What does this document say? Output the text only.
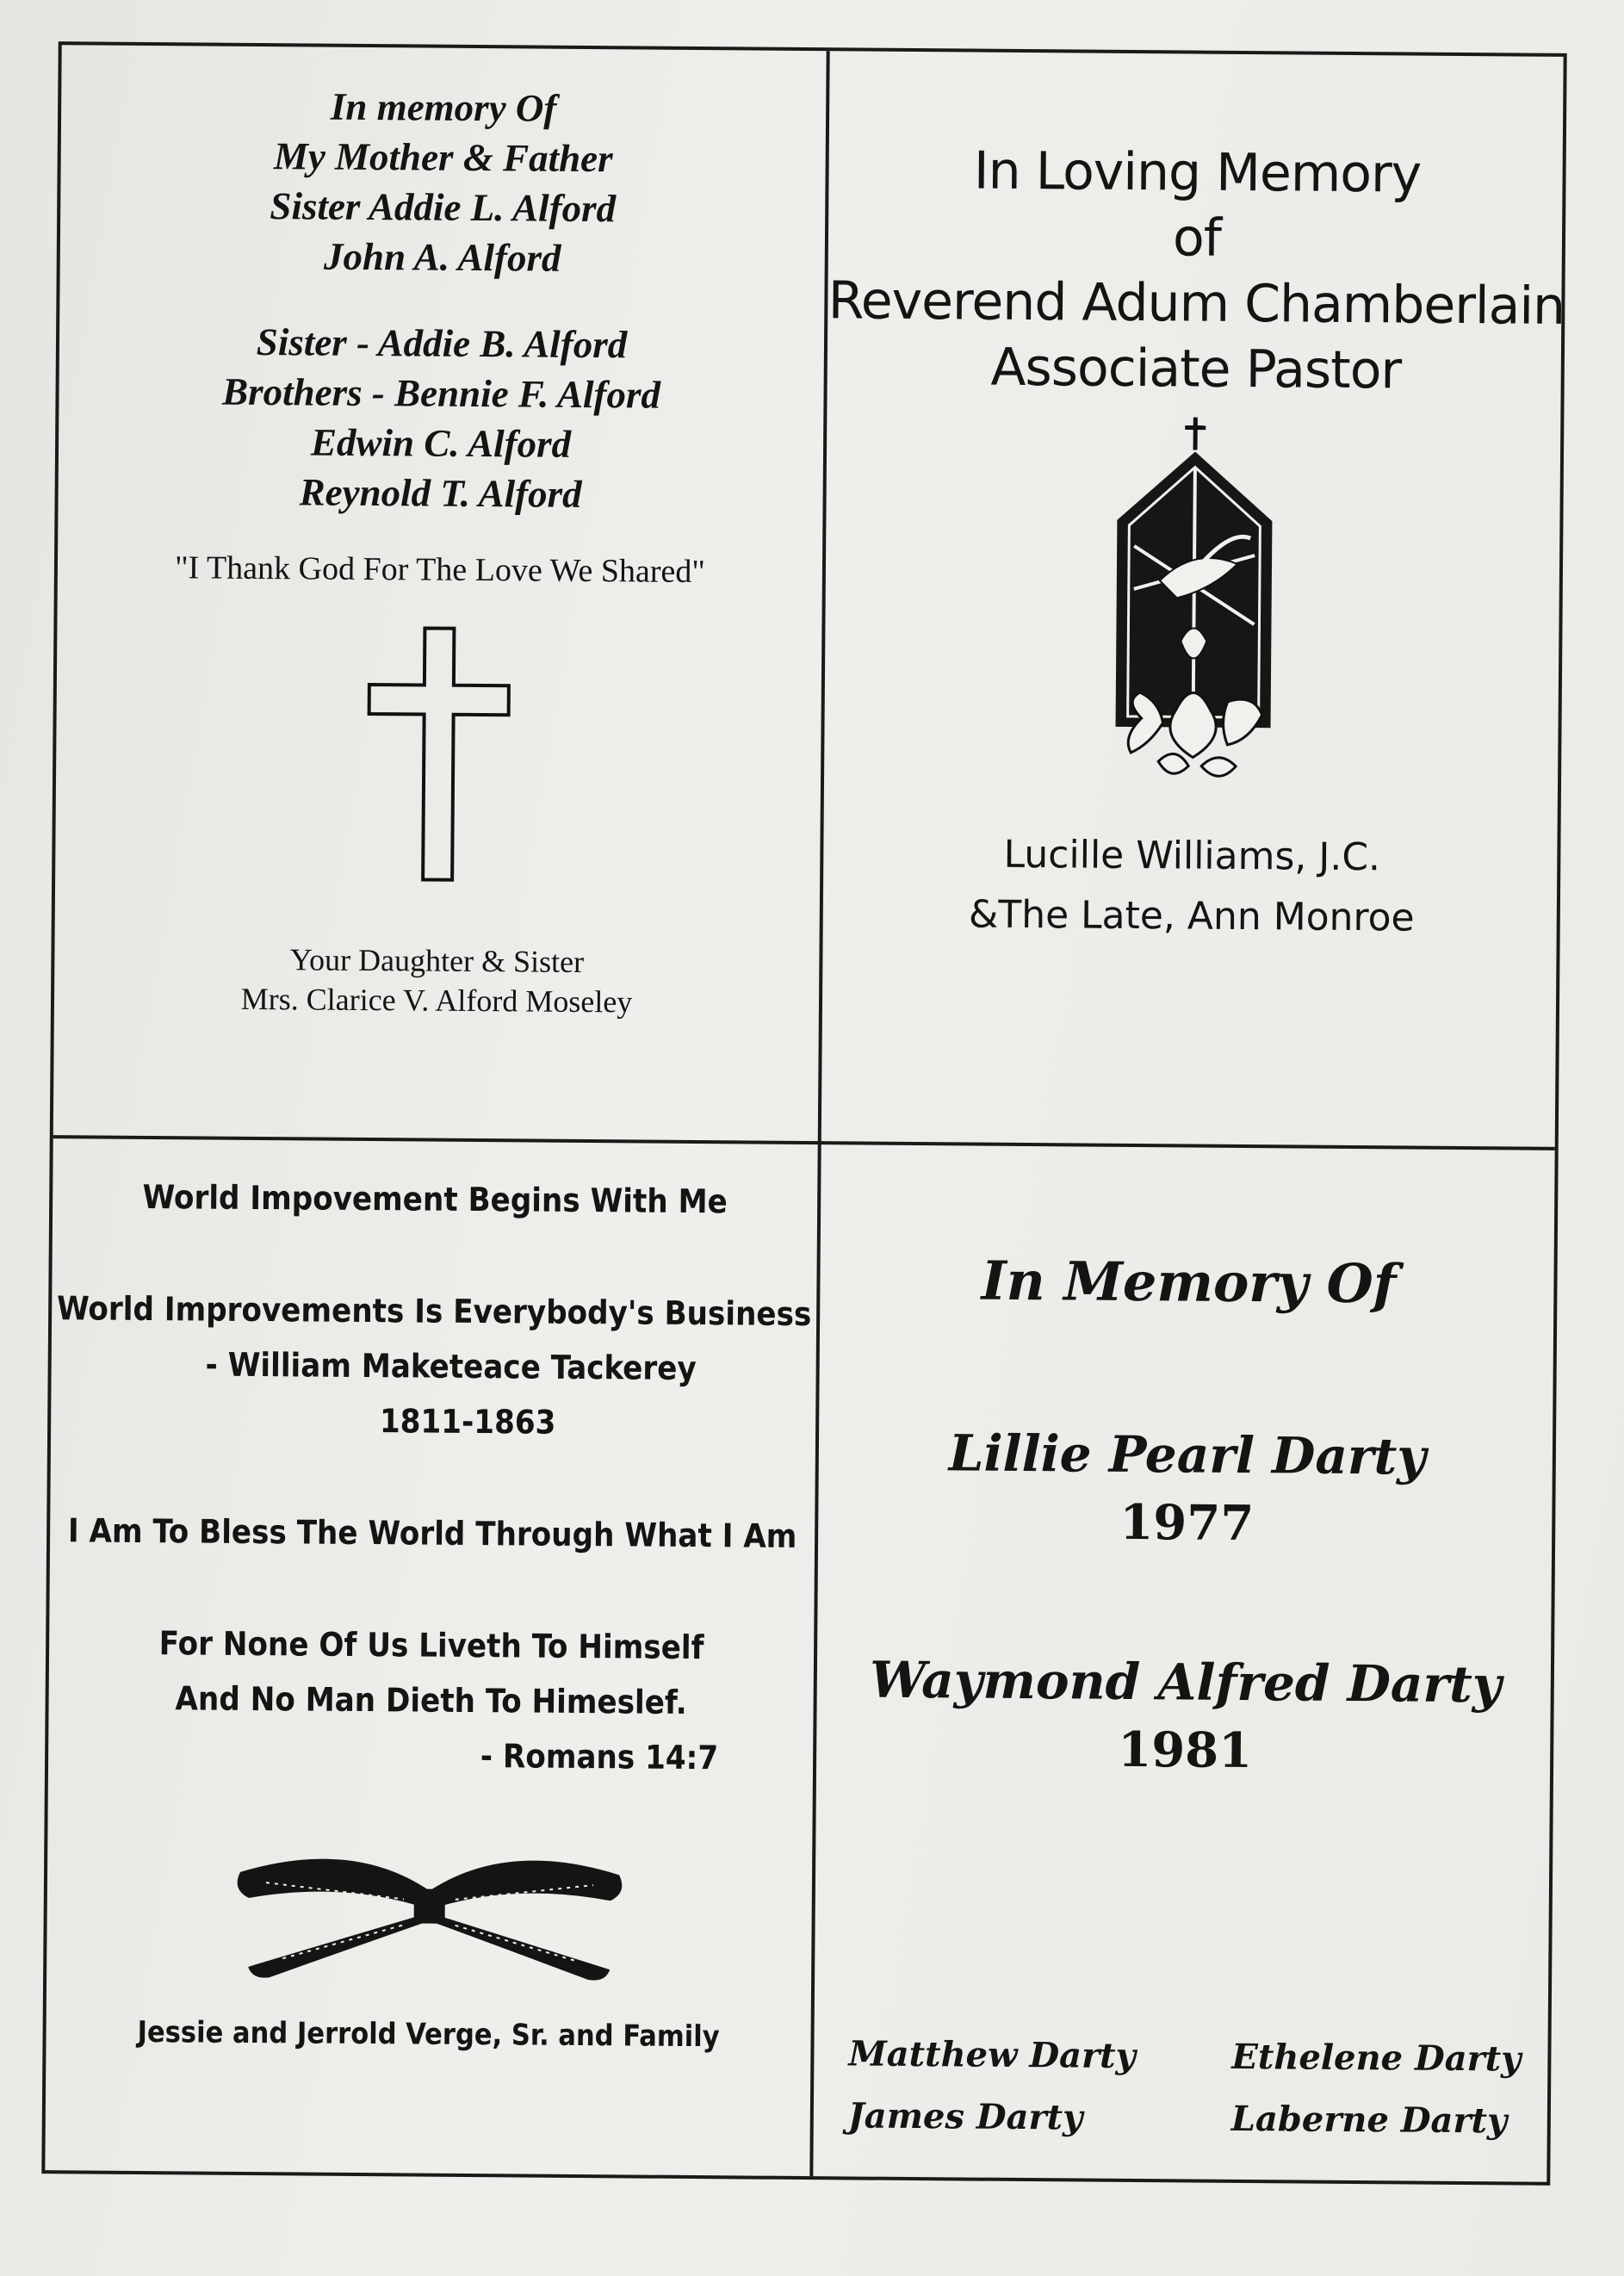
In memory Of
My Mother & Father
Sister Addie L. Alford
John A. Alford
Sister - Addie B. Alford
Brothers - Bennie F. Alford
Edwin C. Alford
Reynold T. Alford
"I Thank God For The Love We Shared"
Your Daughter & Sister
Mrs. Clarice V. Alford Moseley
In Loving Memory
of
Reverend Adum Chamberlain
Associate Pastor
Lucille Williams, J.C.
&The Late, Ann Monroe
World Impovement Begins With Me
World Improvements Is Everybody's Business
- William Maketeace Tackerey
1811-1863
I Am To Bless The World Through What I Am
For None Of Us Liveth To Himself
And No Man Dieth To Himeslef.
- Romans 14:7
Jessie and Jerrold Verge, Sr. and Family
In Memory Of
Lillie Pearl Darty
1977
Waymond Alfred Darty
1981
Matthew Darty
James Darty
Ethelene Darty
Laberne Darty
